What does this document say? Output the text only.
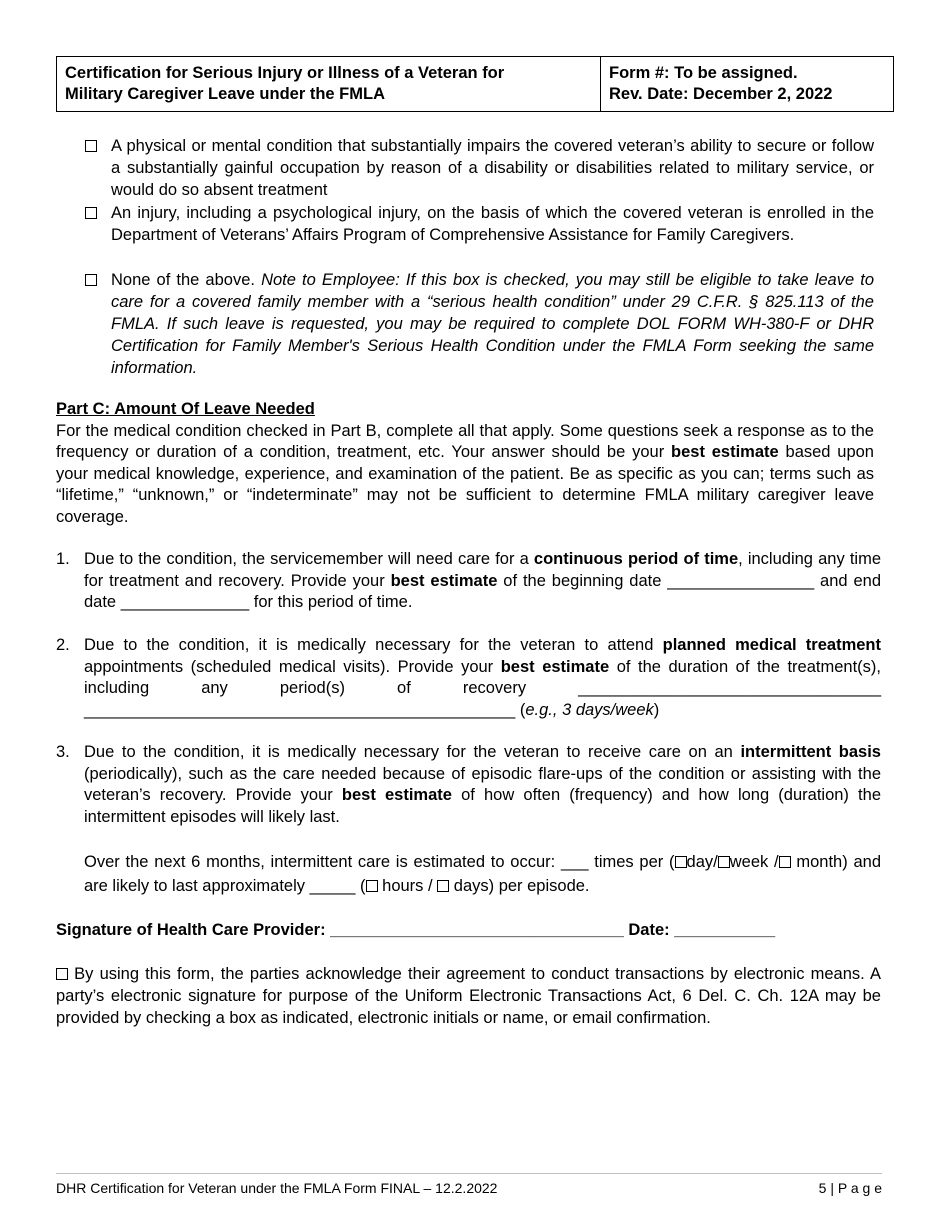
Certification for Serious Injury or Illness of a Veteran for
Military Caregiver Leave under the FMLA
Form #: To be assigned.
Rev. Date: December 2, 2022
A physical or mental condition that substantially impairs the covered veteran’s ability to secure or follow a substantially gainful occupation by reason of a disability or disabilities related to military service, or would do so absent treatment
An injury, including a psychological injury, on the basis of which the covered veteran is enrolled in the Department of Veterans’ Affairs Program of Comprehensive Assistance for Family Caregivers.
None of the above. Note to Employee: If this box is checked, you may still be eligible to take leave to care for a covered family member with a “serious health condition” under 29 C.F.R. § 825.113 of the FMLA. If such leave is requested, you may be required to complete DOL FORM WH-380-F or DHR Certification for Family Member's Serious Health Condition under the FMLA Form seeking the same information.
Part C: Amount Of Leave Needed
For the medical condition checked in Part B, complete all that apply. Some questions seek a response as to the frequency or duration of a condition, treatment, etc. Your answer should be your best estimate based upon your medical knowledge, experience, and examination of the patient. Be as specific as you can; terms such as “lifetime,” “unknown,” or “indeterminate” may not be sufficient to determine FMLA military caregiver leave coverage.
1. Due to the condition, the servicemember will need care for a continuous period of time, including any time for treatment and recovery. Provide your best estimate of the beginning date ________________ and end date ______________ for this period of time.
2. Due to the condition, it is medically necessary for the veteran to attend planned medical treatment appointments (scheduled medical visits). Provide your best estimate of the duration of the treatment(s), including any period(s) of recovery _________________________________ _______________________________________________ (e.g., 3 days/week)
3. Due to the condition, it is medically necessary for the veteran to receive care on an intermittent basis (periodically), such as the care needed because of episodic flare-ups of the condition or assisting with the veteran’s recovery. Provide your best estimate of how often (frequency) and how long (duration) the intermittent episodes will likely last.
Over the next 6 months, intermittent care is estimated to occur: ___ times per ( day/ week / month) and are likely to last approximately _____ ( hours /  days) per episode.
Signature of Health Care Provider: ________________________________ Date: ___________
By using this form, the parties acknowledge their agreement to conduct transactions by electronic means. A party’s electronic signature for purpose of the Uniform Electronic Transactions Act, 6 Del. C. Ch. 12A may be provided by checking a box as indicated, electronic initials or name, or email confirmation.
DHR Certification for Veteran under the FMLA Form FINAL – 12.2.2022	5 | P a g e
